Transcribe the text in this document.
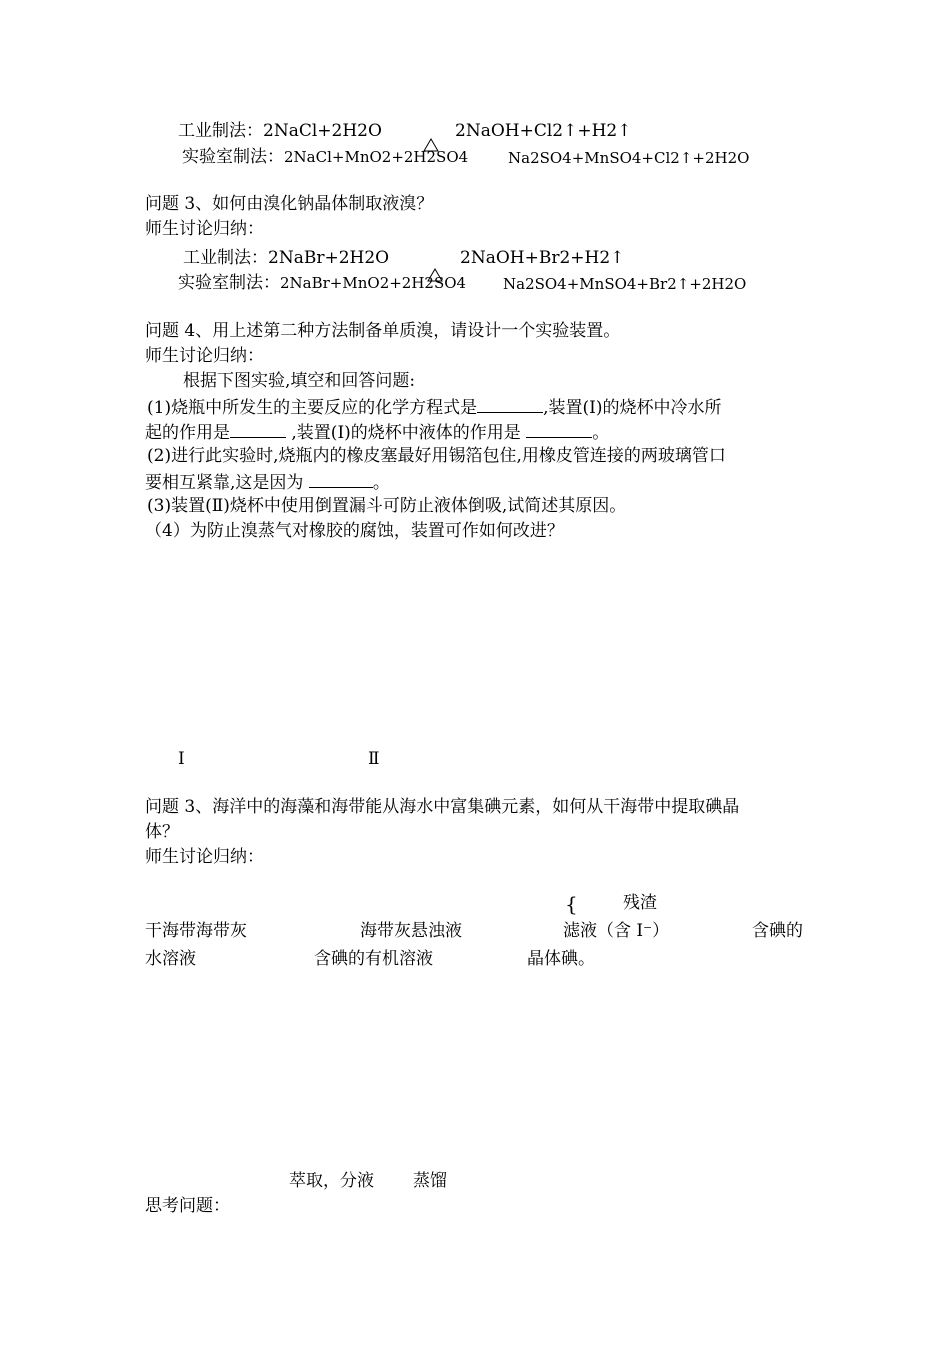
工业制法：2NaCl+2H2O	2NaOH+Cl2↑+H2↑
实验室制法：2NaCl+MnO2+2H2SO4	Na2SO4+MnSO4+Cl2↑+2H2O
问题 3、如何由溴化钠晶体制取液溴？
师生讨论归纳：
工业制法：2NaBr+2H2O	2NaOH+Br2+H2↑
实验室制法：2NaBr+MnO2+2H2SO4 Na2SO4+MnSO4+Br2↑+2H2O
问题 4、用上述第二种方法制备单质溴，请设计一个实验装置。
师生讨论归纳：
根据下图实验,填空和回答问题:
(1)烧瓶中所发生的主要反应的化学方程式是	,装置(Ⅰ)的烧杯中冷水所
起的作用是	,装置(Ⅰ)的烧杯中液体的作用是	。
(2)进行此实验时,烧瓶内的橡皮塞最好用锡箔包住,用橡皮管连接的两玻璃管口
要相互紧靠,这是因为	。
(3)装置(Ⅱ)烧杯中使用倒置漏斗可防止液体倒吸,试简述其原因。
（4）为防止溴蒸气对橡胶的腐蚀，装置可作如何改进？
Ⅰ	Ⅱ
问题 3、海洋中的海藻和海带能从海水中富集碘元素，如何从干海带中提取碘晶
体？
师生讨论归纳：
残渣
{
干海带海带灰	海带灰悬浊液	滤液（含 I⁻）	含碘的
水溶液	含碘的有机溶液	晶体碘。
萃取，分液 蒸馏
思考问题：
